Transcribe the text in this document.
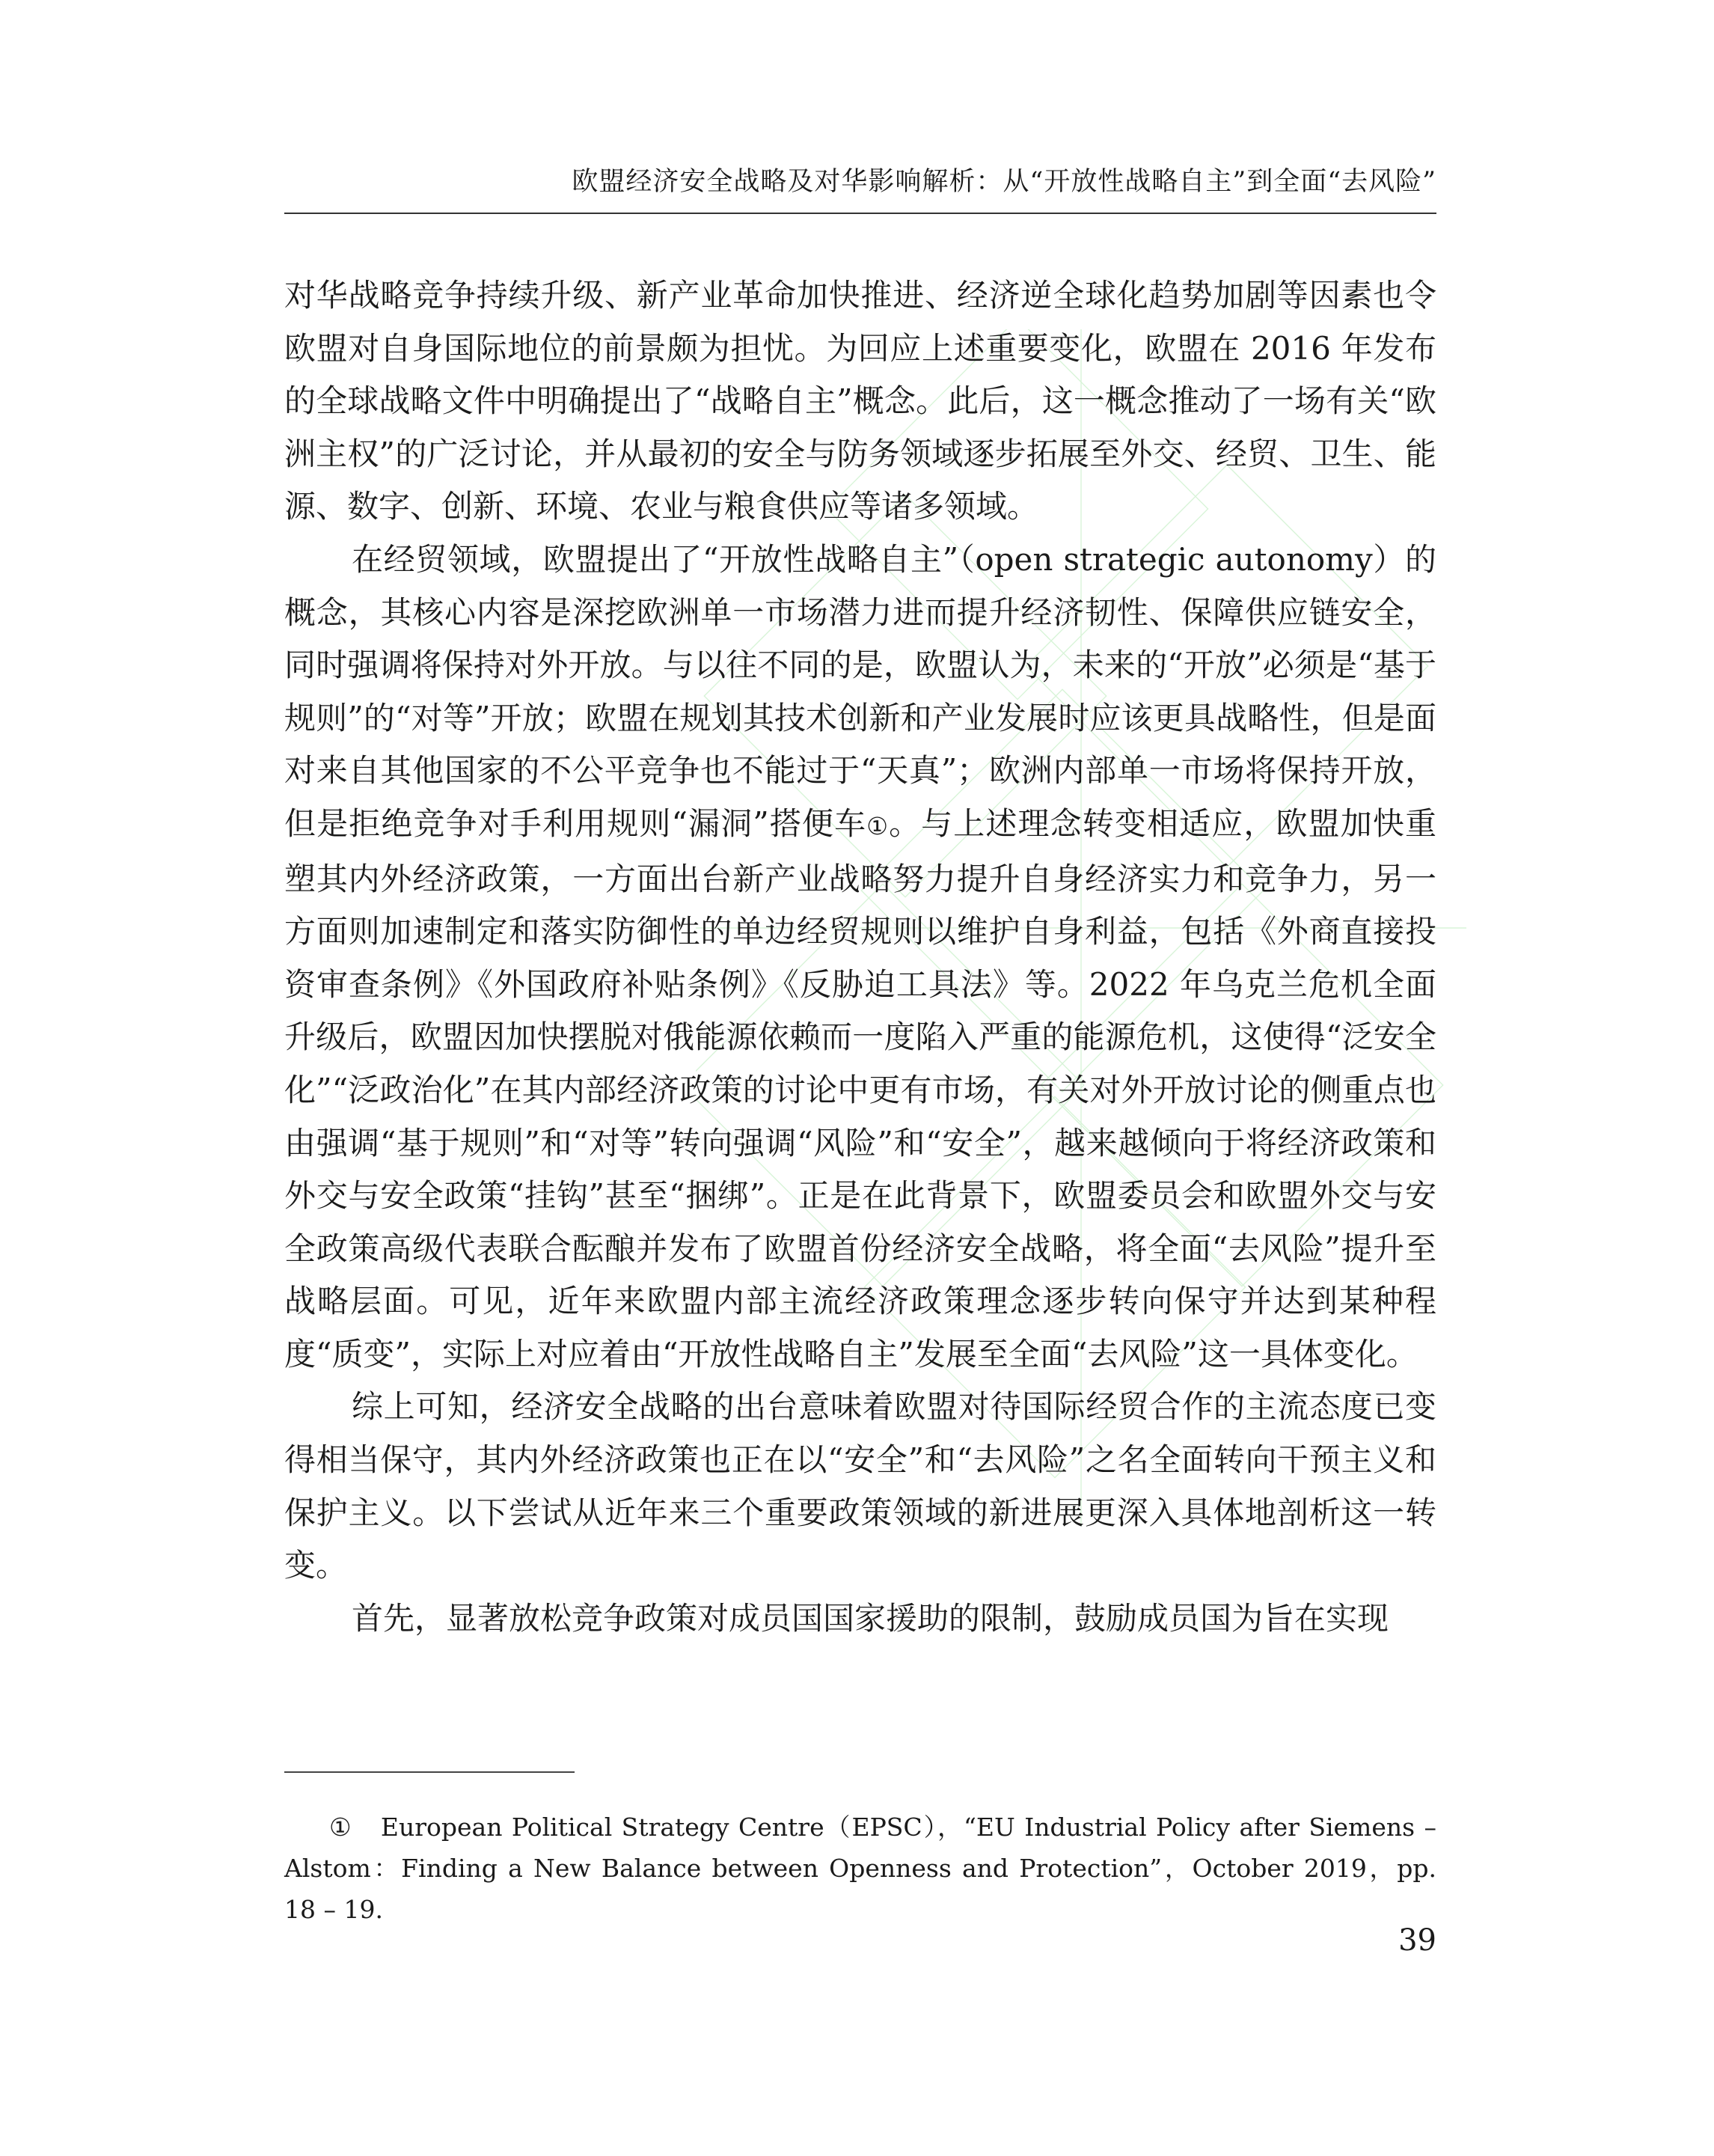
欧盟经济安全战略及对华影响解析：从“开放性战略自主”到全面“去风险”

对华战略竞争持续升级、新产业革命加快推进、经济逆全球化趋势加剧等因素也令欧盟对自身国际地位的前景颇为担忧。为回应上述重要变化，欧盟在 2016 年发布的全球战略文件中明确提出了“战略自主”概念。此后，这一概念推动了一场有关“欧洲主权”的广泛讨论，并从最初的安全与防务领域逐步拓展至外交、经贸、卫生、能源、数字、创新、环境、农业与粮食供应等诸多领域。

在经贸领域，欧盟提出了“开放性战略自主”（open strategic autonomy）的概念，其核心内容是深挖欧洲单一市场潜力进而提升经济韧性、保障供应链安全，同时强调将保持对外开放。与以往不同的是，欧盟认为，未来的“开放”必须是“基于规则”的“对等”开放；欧盟在规划其技术创新和产业发展时应该更具战略性，但是面对来自其他国家的不公平竞争也不能过于“天真”；欧洲内部单一市场将保持开放，但是拒绝竞争对手利用规则“漏洞”搭便车①。与上述理念转变相适应，欧盟加快重塑其内外经济政策，一方面出台新产业战略努力提升自身经济实力和竞争力，另一方面则加速制定和落实防御性的单边经贸规则以维护自身利益，包括《外商直接投资审查条例》《外国政府补贴条例》《反胁迫工具法》等。2022 年乌克兰危机全面升级后，欧盟因加快摆脱对俄能源依赖而一度陷入严重的能源危机，这使得“泛安全化”“泛政治化”在其内部经济政策的讨论中更有市场，有关对外开放讨论的侧重点也由强调“基于规则”和“对等”转向强调“风险”和“安全”，越来越倾向于将经济政策和外交与安全政策“挂钩”甚至“捆绑”。正是在此背景下，欧盟委员会和欧盟外交与安全政策高级代表联合酝酿并发布了欧盟首份经济安全战略，将全面“去风险”提升至战略层面。可见，近年来欧盟内部主流经济政策理念逐步转向保守并达到某种程度“质变”，实际上对应着由“开放性战略自主”发展至全面“去风险”这一具体变化。

综上可知，经济安全战略的出台意味着欧盟对待国际经贸合作的主流态度已变得相当保守，其内外经济政策也正在以“安全”和“去风险”之名全面转向干预主义和保护主义。以下尝试从近年来三个重要政策领域的新进展更深入具体地剖析这一转变。

首先，显著放松竞争政策对成员国国家援助的限制，鼓励成员国为旨在实现

① European Political Strategy Centre（EPSC），“EU Industrial Policy after Siemens – Alstom：Finding a New Balance between Openness and Protection”，October 2019，pp. 18 – 19.

39
